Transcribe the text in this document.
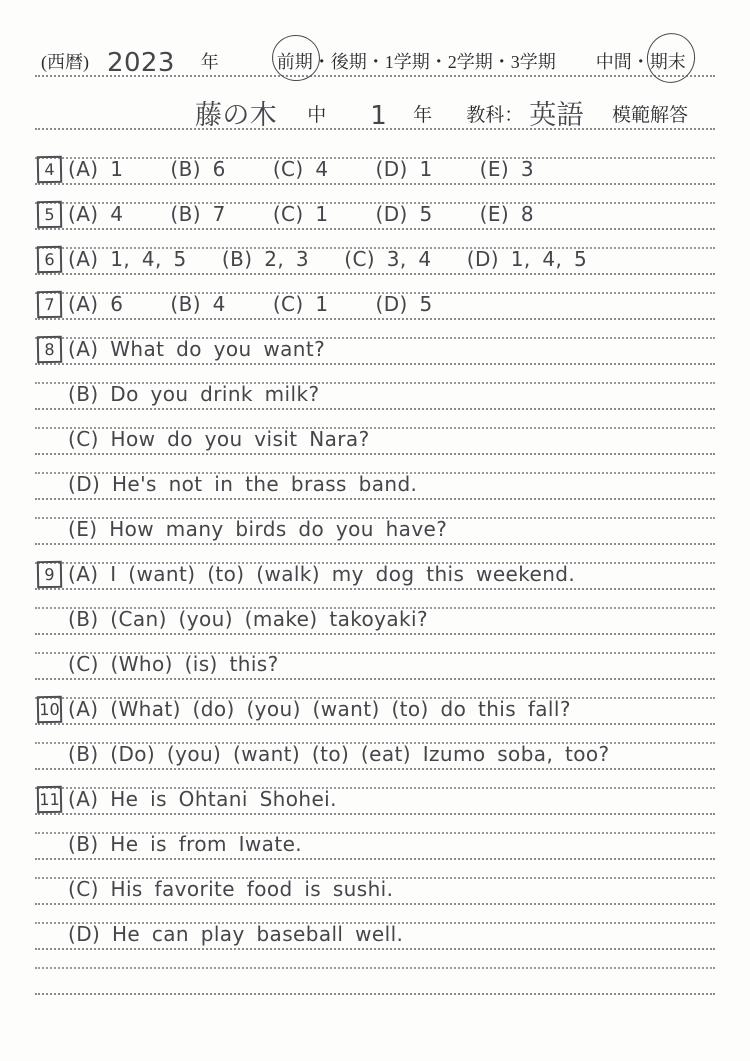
(西暦) 2023 年	前期・後期・1学期・2学期・3学期 中間・期末
藤の木 中 1 年 教科： 英語 模範解答
4 (A) 1    (B) 6    (C) 4    (D) 1    (E) 3
5 (A) 4    (B) 7    (C) 1    (D) 5    (E) 8
6 (A) 1, 4, 5   (B) 2, 3   (C) 3, 4   (D) 1, 4, 5
7 (A) 6    (B) 4    (C) 1    (D) 5
8 (A) What do you want?
(B) Do you drink milk?
(C) How do you visit Nara?
(D) He's not in the brass band.
(E) How many birds do you have?
9 (A) I (want) (to) (walk) my dog this weekend.
(B) (Can) (you) (make) takoyaki?
(C) (Who) (is) this?
10 (A) (What) (do) (you) (want) (to) do this fall?
(B) (Do) (you) (want) (to) (eat) Izumo soba, too?
11 (A) He is Ohtani Shohei.
(B) He is from Iwate.
(C) His favorite food is sushi.
(D) He can play baseball well.
